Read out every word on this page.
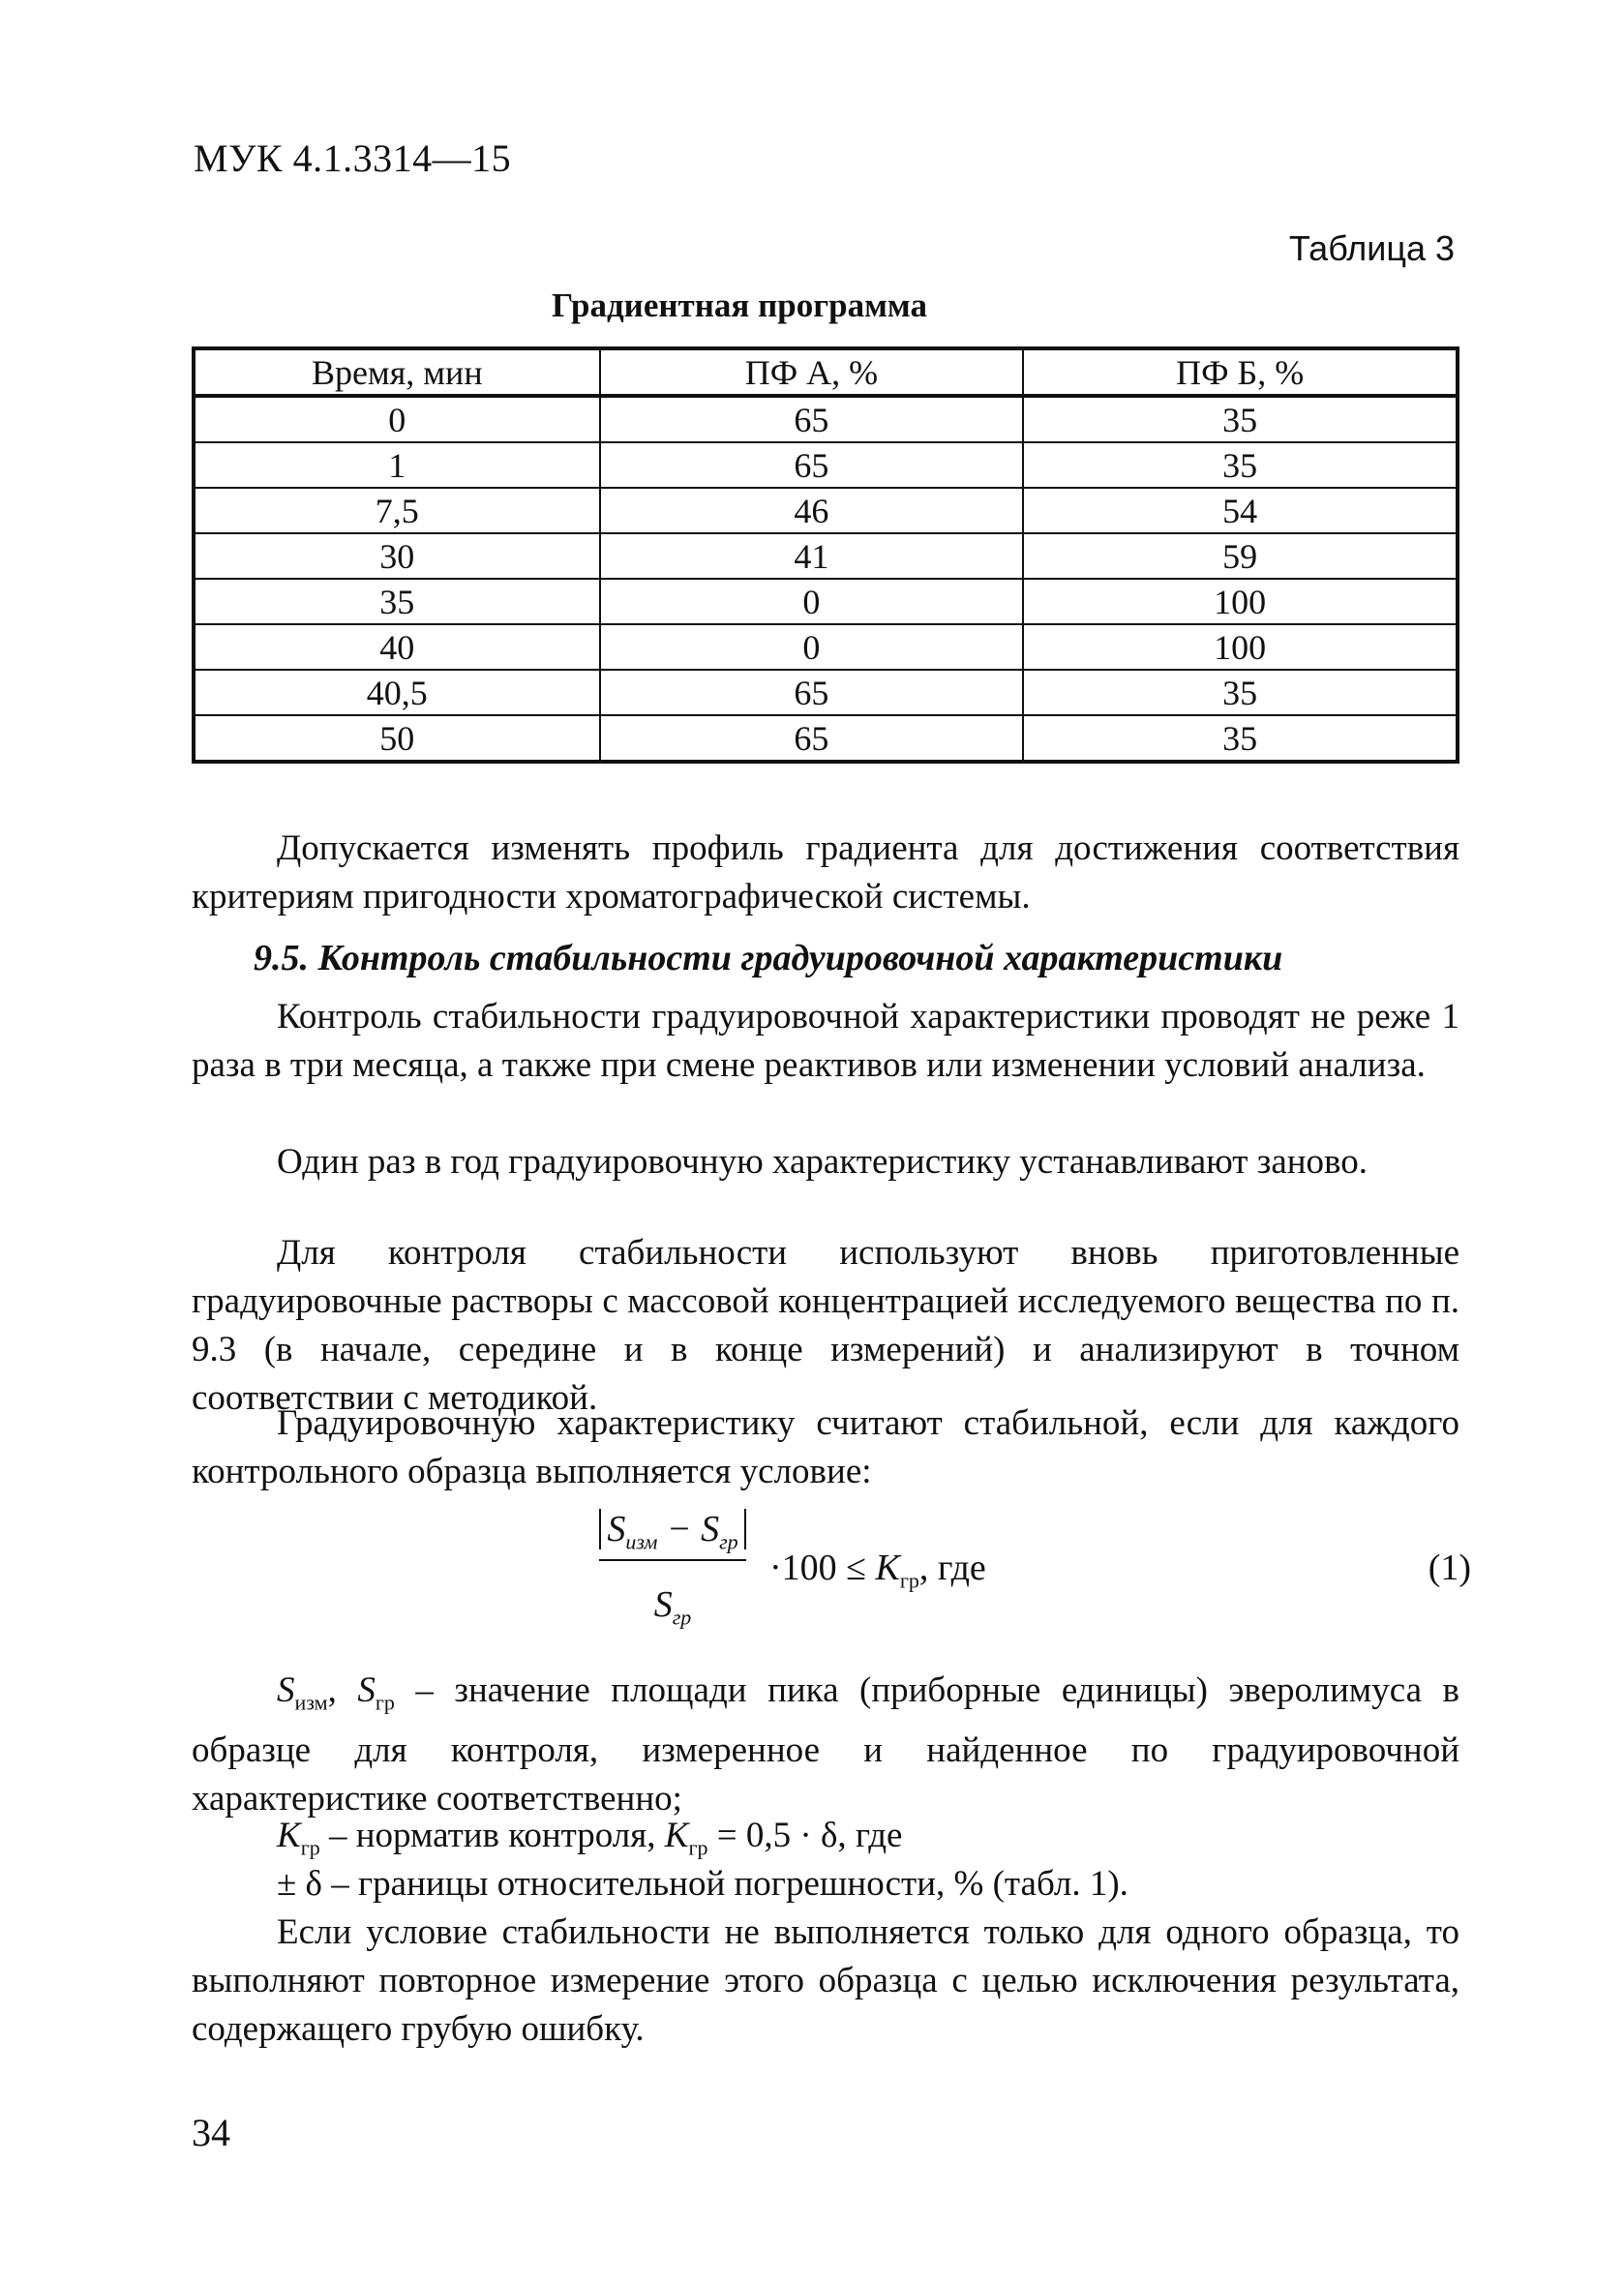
МУК 4.1.3314—15
Таблица 3
Градиентная программа
Время, мин	ПФ А, %	ПФ Б, %
0	65	35
1	65	35
7,5	46	54
30	41	59
35	0	100
40	0	100
40,5	65	35
50	65	35
Допускается изменять профиль градиента для достижения соответствия критериям пригодности хроматографической системы.
9.5. Контроль стабильности градуировочной характеристики
Контроль стабильности градуировочной характеристики проводят не реже 1 раза в три месяца, а также при смене реактивов или изменении условий анализа.
Один раз в год градуировочную характеристику устанавливают заново.
Для контроля стабильности используют вновь приготовленные градуировочные растворы с массовой концентрацией исследуемого вещества по п. 9.3 (в начале, середине и в конце измерений) и анализируют в точном соответствии с методикой.
Градуировочную характеристику считают стабильной, если для каждого контрольного образца выполняется условие:
$S_{изм} - S_{гр}$
$S_{гр}$
$\cdot 100 \le K_{гр}$, где	(1)
$S_{изм}$, $S_{гр}$ – значение площади пика (приборные единицы) эверолимуса в образце для контроля, измеренное и найденное по градуировочной характеристике соответственно;
$K_{гр}$ – норматив контроля, $K_{гр} = 0,5 \cdot \delta$, где
± δ – границы относительной погрешности, % (табл. 1).
Если условие стабильности не выполняется только для одного образца, то выполняют повторное измерение этого образца с целью исключения результата, содержащего грубую ошибку.
34
